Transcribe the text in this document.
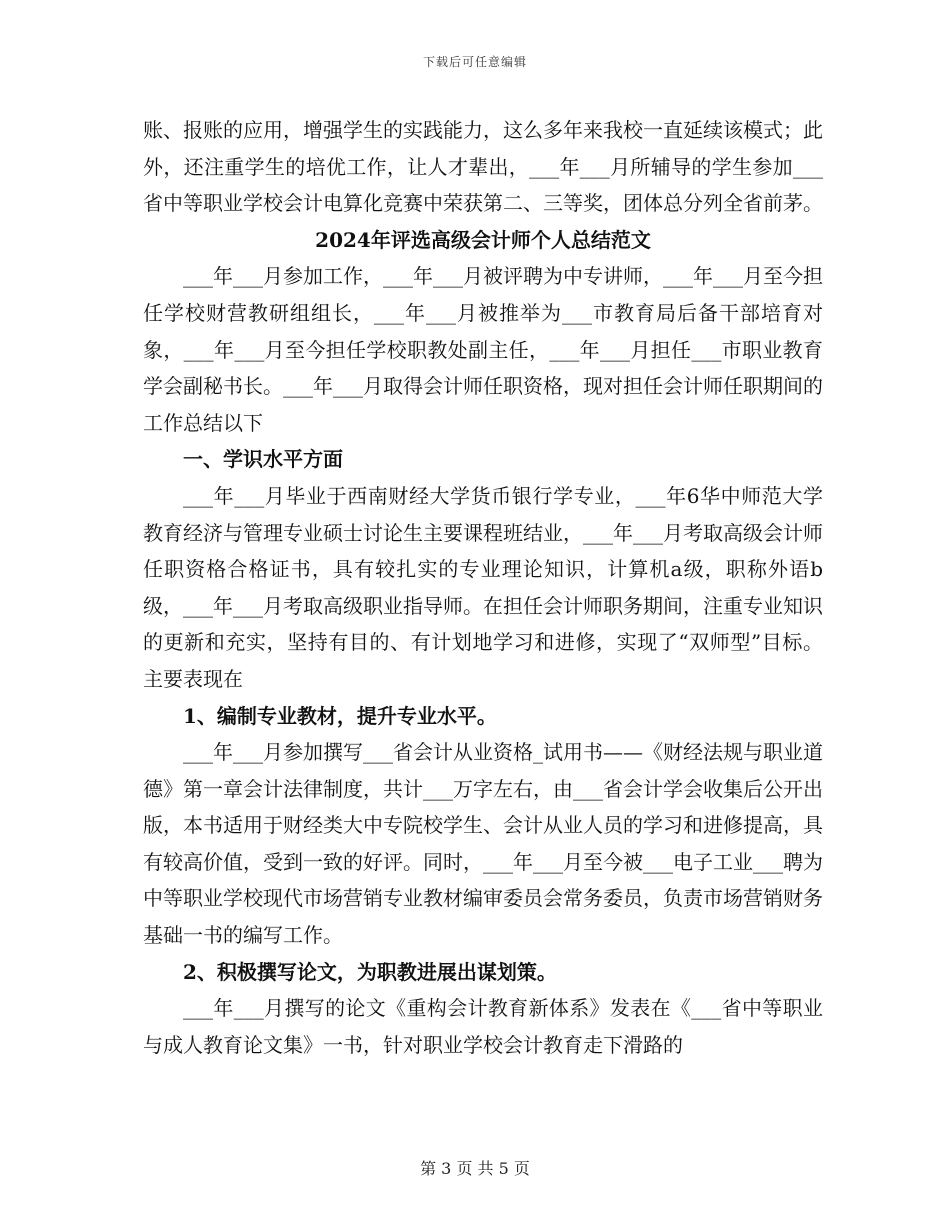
下载后可任意编辑

账、报账的应用，增强学生的实践能力，这么多年来我校一直延续该模式；此外，还注重学生的培优工作，让人才辈出，___年___月所辅导的学生参加___省中等职业学校会计电算化竞赛中荣获第二、三等奖，团体总分列全省前茅。

2024年评选高级会计师个人总结范文

___年___月参加工作，___年___月被评聘为中专讲师，___年___月至今担任学校财营教研组组长，___年___月被推举为___市教育局后备干部培育对象，___年___月至今担任学校职教处副主任，___年___月担任___市职业教育学会副秘书长。___年___月取得会计师任职资格，现对担任会计师任职期间的工作总结以下

一、学识水平方面

___年___月毕业于西南财经大学货币银行学专业，___年6华中师范大学教育经济与管理专业硕士讨论生主要课程班结业，___年___月考取高级会计师任职资格合格证书，具有较扎实的专业理论知识，计算机a级，职称外语b级，___年___月考取高级职业指导师。在担任会计师职务期间，注重专业知识的更新和充实，坚持有目的、有计划地学习和进修，实现了“双师型”目标。主要表现在

1、编制专业教材，提升专业水平。

___年___月参加撰写___省会计从业资格_试用书——《财经法规与职业道德》第一章会计法律制度，共计___万字左右，由___省会计学会收集后公开出版，本书适用于财经类大中专院校学生、会计从业人员的学习和进修提高，具有较高价值，受到一致的好评。同时，___年___月至今被___电子工业___聘为中等职业学校现代市场营销专业教材编审委员会常务委员，负责市场营销财务基础一书的编写工作。

2、积极撰写论文，为职教进展出谋划策。

___年___月撰写的论文《重构会计教育新体系》发表在《___省中等职业与成人教育论文集》一书，针对职业学校会计教育走下滑路的

第 3 页 共 5 页
